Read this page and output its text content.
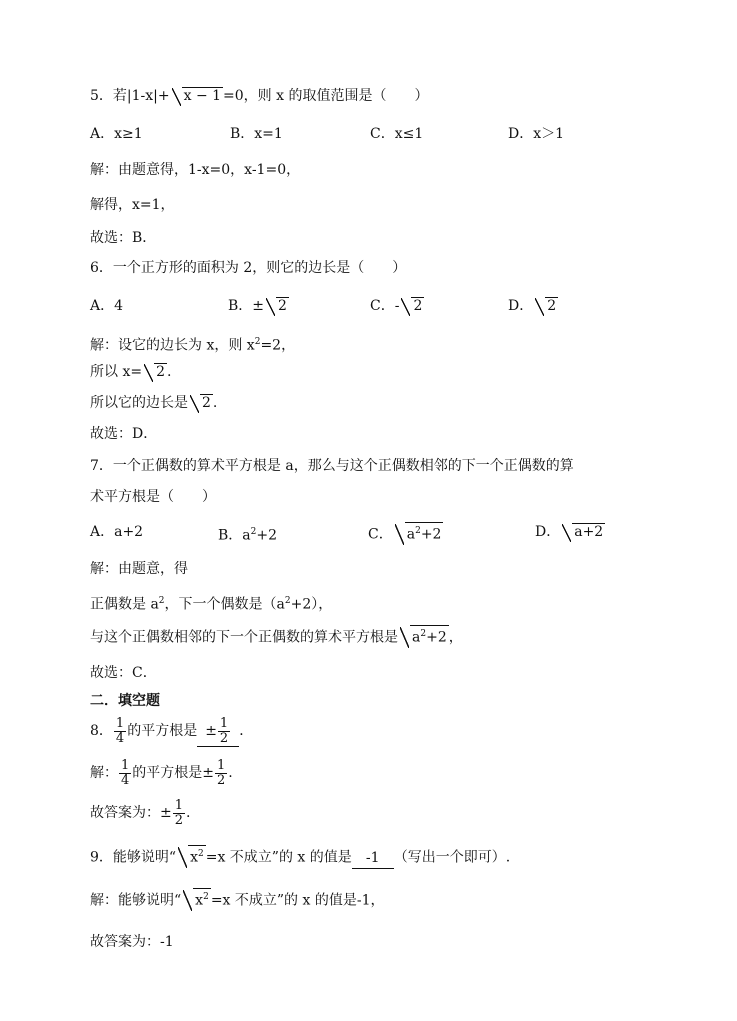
5．若|1-x|+ x − 1 =0，则 x 的取值范围是（　　）
A．x≥1	B．x=1	C．x≤1	D．x＞1
解：由题意得，1-x=0，x-1=0，
解得，x=1，
故选：B．
6．一个正方形的面积为 2，则它的边长是（　　）
A．4	B．± 2	C．- 2	D． 2
解：设它的边长为 x，则 $x^2=2$，
所以 x= 2 .
所以它的边长是 2 .
故选：D．
7．一个正偶数的算术平方根是 a，那么与这个正偶数相邻的下一个正偶数的算
术平方根是（　　）
A．a+2	B．$a^2+2$	C． $a^2+2$	D． a+2
解：由题意，得
正偶数是 $a^2$，下一个偶数是$(a^2+2)$，
与这个正偶数相邻的下一个正偶数的算术平方根是 $a^2+2$ ，
故选：C．
二．填空题
8． $\frac{1}{4}$ 的平方根是 ± $\frac{1}{2}$ ．
解： $\frac{1}{4}$ 的平方根是± $\frac{1}{2}$ .
故答案为：± $\frac{1}{2}$ .
9．能够说明“ $x^2 =x$ 不成立”的 x 的值是 -1 （写出一个即可）.
解：能够说明“ $x^2 =x$ 不成立”的 x 的值是-1，
故答案为：-1
